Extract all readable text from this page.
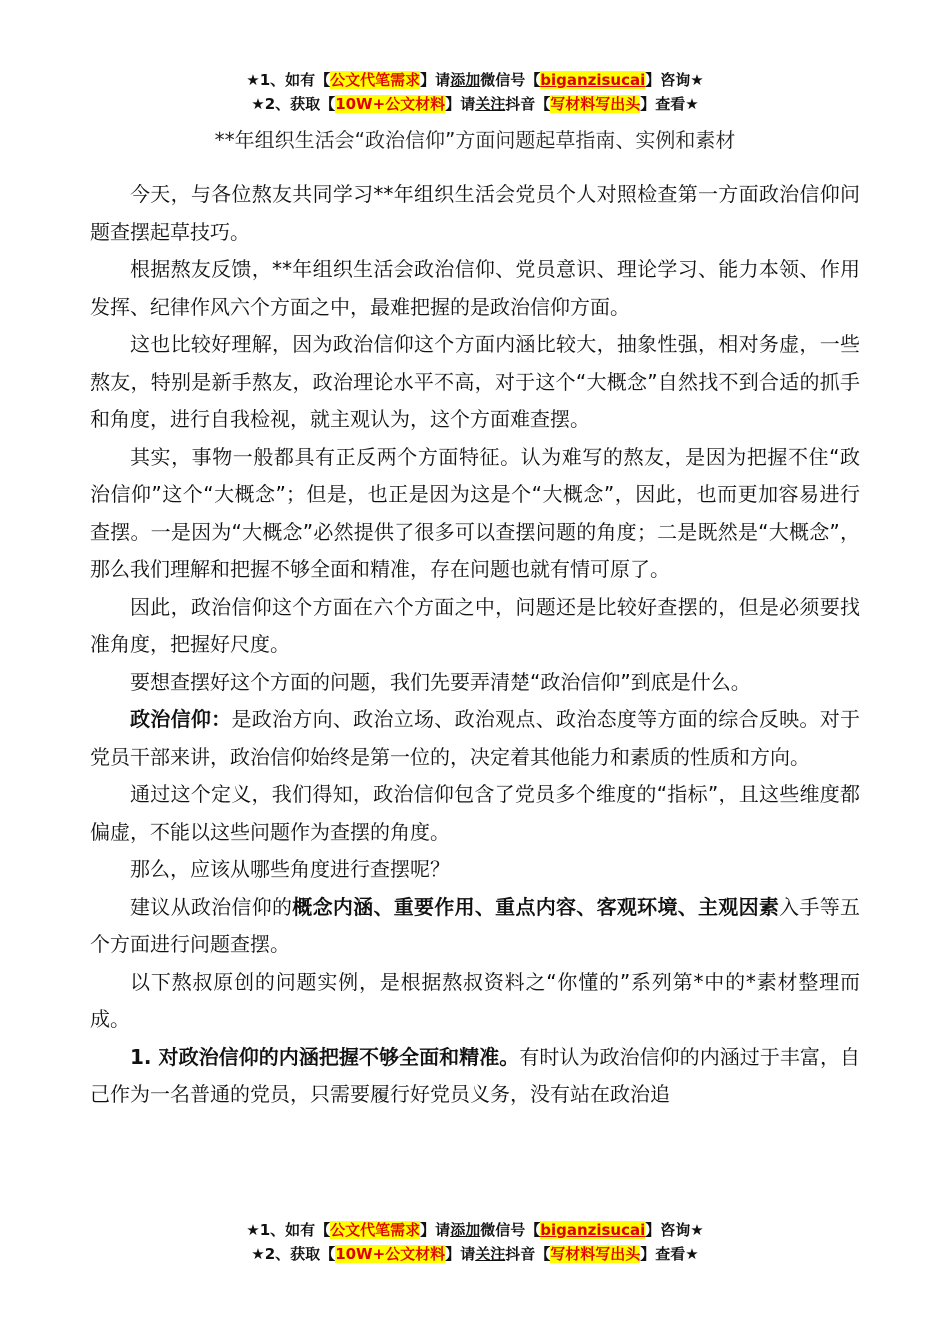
★1、如有【公文代笔需求】请添加微信号【biganzisucai】咨询★
★2、获取【10W+公文材料】请关注抖音【写材料写出头】查看★
**年组织生活会“政治信仰”方面问题起草指南、实例和素材

今天，与各位熬友共同学习**年组织生活会党员个人对照检查第一方面政治信仰问题查摆起草技巧。

根据熬友反馈，**年组织生活会政治信仰、党员意识、理论学习、能力本领、作用发挥、纪律作风六个方面之中，最难把握的是政治信仰方面。

这也比较好理解，因为政治信仰这个方面内涵比较大，抽象性强，相对务虚，一些熬友，特别是新手熬友，政治理论水平不高，对于这个“大概念”自然找不到合适的抓手和角度，进行自我检视，就主观认为，这个方面难查摆。

其实，事物一般都具有正反两个方面特征。认为难写的熬友，是因为把握不住“政治信仰”这个“大概念”；但是，也正是因为这是个“大概念”，因此，也而更加容易进行查摆。一是因为“大概念”必然提供了很多可以查摆问题的角度；二是既然是“大概念”，那么我们理解和把握不够全面和精准，存在问题也就有情可原了。

因此，政治信仰这个方面在六个方面之中，问题还是比较好查摆的，但是必须要找准角度，把握好尺度。

要想查摆好这个方面的问题，我们先要弄清楚“政治信仰”到底是什么。

政治信仰：是政治方向、政治立场、政治观点、政治态度等方面的综合反映。对于党员干部来讲，政治信仰始终是第一位的，决定着其他能力和素质的性质和方向。

通过这个定义，我们得知，政治信仰包含了党员多个维度的“指标”，且这些维度都偏虚，不能以这些问题作为查摆的角度。

那么，应该从哪些角度进行查摆呢？

建议从政治信仰的概念内涵、重要作用、重点内容、客观环境、主观因素入手等五个方面进行问题查摆。

以下熬叔原创的问题实例，是根据熬叔资料之“你懂的”系列第*中的*素材整理而成。

1. 对政治信仰的内涵把握不够全面和精准。有时认为政治信仰的内涵过于丰富，自己作为一名普通的党员，只需要履行好党员义务，没有站在政治追

★1、如有【公文代笔需求】请添加微信号【biganzisucai】咨询★
★2、获取【10W+公文材料】请关注抖音【写材料写出头】查看★
